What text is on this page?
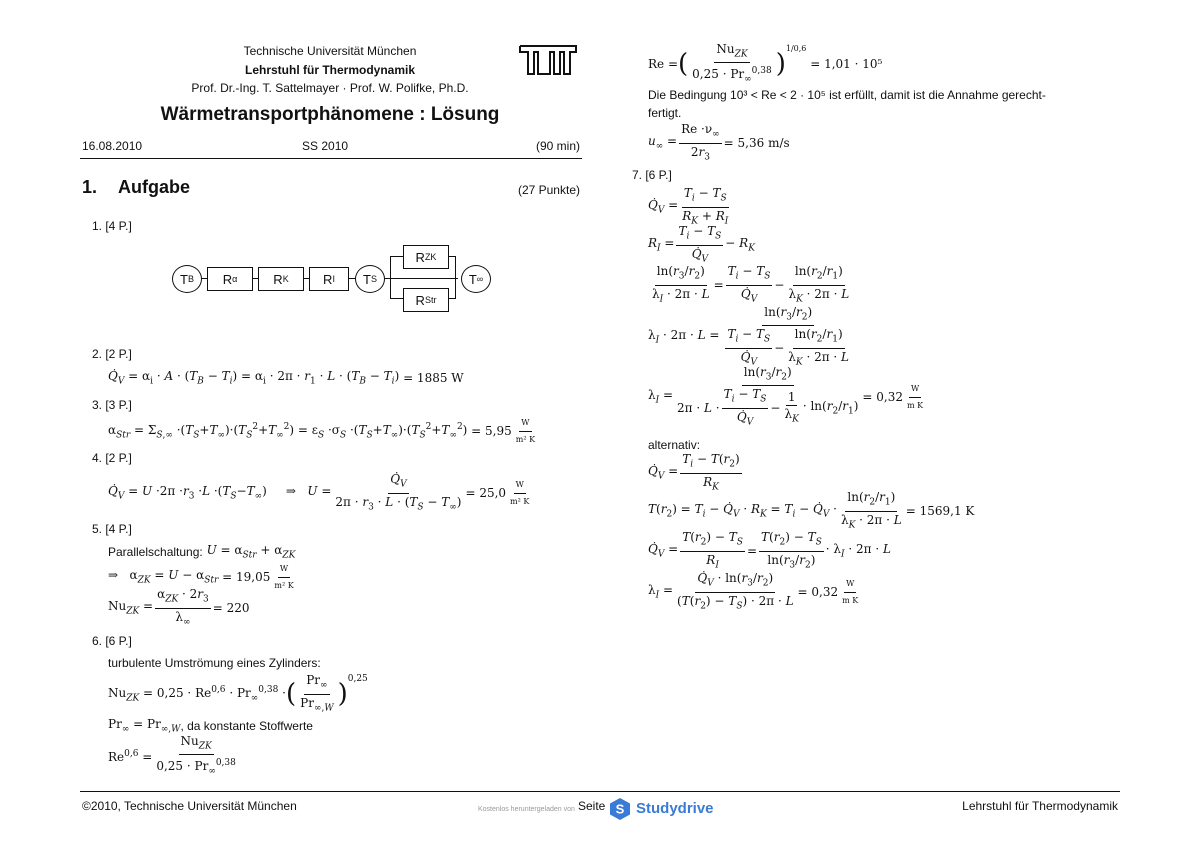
Technische Universität München
Lehrstuhl für Thermodynamik
Prof. Dr.-Ing. T. Sattelmayer · Prof. W. Polifke, Ph.D.
Wärmetransportphänomene : Lösung
16.08.2010	SS 2010	(90 min)
1. Aufgabe	(27 Punkte)
1. [4 P.]
T B R α	R K	R I T S
R ZK
R Str
T ∞
2. [2 P.]
$Q̇_V = \alpha_i \cdot A \cdot (T_B - T_i) = \alpha_i \cdot 2\pi \cdot r_1 \cdot L \cdot (T_B - T_i) = 1885$ W
3. [3 P.]
$\alpha_{Str} = \Sigma_{S,\infty} \cdot(T_S+T_\infty)\cdot(T_S^2+T_\infty^2) = \varepsilon_S \cdot\sigma_S \cdot(T_S+T_\infty)\cdot(T_S^2+T_\infty^2) = 5,95 \frac{W}{\text{m² K}}$
4. [2 P.]
$Q̇_V = U \cdot 2\pi \cdot r_3 \cdot L \cdot(T_S-T_\infty)$     ⇒   $U = \frac{Q̇_V}{2\pi \cdot r_3 \cdot L \cdot (T_S - T_\infty)} = 25,0 \frac{W}{\text{m² K}}$
5. [4 P.]
Parallelschaltung: $U = \alpha_{Str} + \alpha_{ZK}$
⇒   $\alpha_{ZK} = U - \alpha_{Str} = 19,05 \frac{W}{\text{m² K}}$
$Nu_{ZK} = \frac{\alpha_{ZK} \cdot 2r_3}{\lambda_\infty} = 220$
6. [6 P.]
turbulente Umströmung eines Zylinders:
$Nu_{ZK} = 0,25 \cdot Re^{0,6} \cdot Pr_\infty^{0,38}$ · ( $\frac{Pr_\infty}{Pr_{\infty,W}} )^{0,25}$
$Pr_\infty = Pr_{\infty,W}$ , da konstante Stoffwerte
$Re^{0,6} = \frac{Nu_{ZK}}{0,25 \cdot Pr_\infty^{0,38}}$
Re = ( $\frac{Nu_{ZK}}{0,25 \cdot Pr_\infty^{0,38}}$ )
$^{1/0,6}$

= 1,01 · 10⁵
Die Bedingung 10³ < Re < 2 · 10⁵ ist erfüllt, damit ist die Annahme gerecht-
fertigt.
$u_\infty = \frac{Re \cdot\nu_\infty}{2r_3} = 5,36$ m/s
7. [6 P.]
$Q̇_V = \frac{T_i - T_S}{R_K + R_I}$
$R_I = \frac{T_i - T_S}{Q̇_V} - R_K$
$\frac{\ln(r_3/r_2)}{\lambda_I \cdot 2\pi \cdot L} = \frac{T_i - T_S}{Q̇_V} - \frac{\ln(r_2/r_1)}{\lambda_K \cdot 2\pi \cdot L}$
$\lambda_I \cdot 2\pi \cdot L = \frac{\ln(r_3/r_2)}{\frac{T_i - T_S}{Q̇_V} - \frac{\ln(r_2/r_1)}{\lambda_K \cdot 2\pi \cdot L}}$
$\lambda_I$ =
$\ln(r_3/r_2)$
$2\pi \cdot L \cdot \frac{T_i - T_S}{Q̇_V} - \frac{1}{\lambda_K} \cdot \ln(r_2/r_1)$
= $0,32 \frac{W}{\text{m K}}$
alternativ:
$Q̇_V = \frac{T_i - T(r_2)}{R_K}$
$T(r_2) = T_i$ − $Q̇_V \cdot R_K = T_i$ − $Q̇_V \cdot \frac{\ln(r_2/r_1)}{\lambda_K \cdot 2\pi \cdot L} = 1569,1$ K
$Q̇_V = \frac{T(r_2) - T_S}{R_I} = \frac{T(r_2) - T_S}{\ln(r_3/r_2)} \cdot \lambda_I \cdot 2\pi \cdot L$
$\lambda_I = \frac{Q̇_V \cdot \ln(r_3/r_2)}{(T(r_2) - T_S) \cdot 2\pi \cdot L} = 0,32 \frac{W}{\text{m K}}$
©2010, Technische Universität München	Seite
Kostenlos heruntergeladen von	S Studydrive	Lehrstuhl für Thermodynamik
